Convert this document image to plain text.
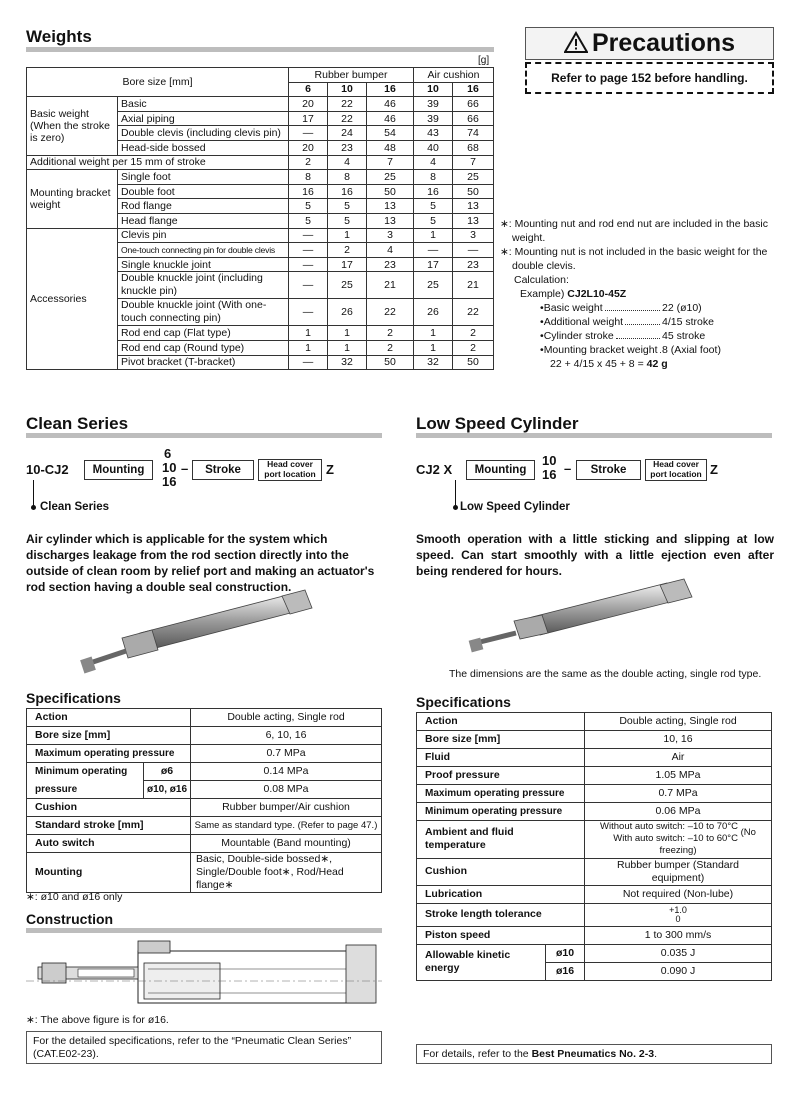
Weights
[g]
Bore size [mm]		Rubber bumper			Air cushion	
		6	10	16	10	16
Basic weight (When the stroke is zero)	Basic	20	22	46	39	66
	Axial piping	17	22	46	39	66
	Double clevis (including clevis pin)	—	24	54	43	74
	Head-side bossed	20	23	48	40	68
Additional weight per 15 mm of stroke		2	4	7	4	7
Mounting bracket weight	Single foot	8	8	25	8	25
	Double foot	16	16	50	16	50
	Rod flange	5	5	13	5	13
	Head flange	5	5	13	5	13
Accessories	Clevis pin	—	1	3	1	3
	One-touch connecting pin for double clevis	—	2	4	—	—
	Single knuckle joint	—	17	23	17	23
	Double knuckle joint (including knuckle pin)	—	25	21	25	21
	Double knuckle joint (With one-touch connecting pin)	—	26	22	26	22
	Rod end cap (Flat type)	1	1	2	1	2
	Rod end cap (Round type)	1	1	2	1	2
	Pivot bracket (T-bracket)	—	32	50	32	50
Precautions
Refer to page 152 before handling.
∗: Mounting nut and rod end nut are included in the basic weight.
∗: Mounting nut is not included in the basic weight for the double clevis.
Calculation:
Example) CJ2L10-45Z
• Basic weight	22 (ø10)
• Additional weight	4/15 stroke
• Cylinder stroke	45 stroke
• Mounting bracket weight 8 (Axial foot)
22 + 4/15 x 45 + 8 = 42 g
Clean Series
10-CJ2	Mounting
6
10
16
–	Stroke	Head cover port location Z
Clean Series
Air cylinder which is applicable for the system which discharges leakage from the rod section directly into the outside of clean room by relief port and making an actuator's rod section having a double seal construction.
Specifications
Action		Double acting, Single rod
Bore size [mm]		6, 10, 16
Maximum operating pressure		0.7 MPa
Minimum operating	ø6	0.14 MPa
pressure	ø10, ø16	0.08 MPa
Cushion		Rubber bumper/Air cushion
Standard stroke [mm]		Same as standard type. (Refer to page 47.)
Auto switch		Mountable (Band mounting)
Mounting		Basic, Double-side bossed∗,
Single/Double foot∗, Rod/Head flange∗
∗: ø10 and ø16 only
Construction
∗: The above figure is for ø16.
For the detailed specifications, refer to the “Pneumatic Clean Series” (CAT.E02-23).
Low Speed Cylinder
CJ2 X	Mounting
10
16 –	Stroke	Head cover port location Z
Low Speed Cylinder
Smooth operation with a little sticking and slipping at low speed. Can start smoothly with a little ejection even after being rendered for hours.
The dimensions are the same as the double acting, single rod type.
Specifications
Action		Double acting, Single rod
Bore size [mm]		10, 16
Fluid		Air
Proof pressure		1.05 MPa
Maximum operating pressure		0.7 MPa
Minimum operating pressure		0.06 MPa
Ambient and fluid temperature		Without auto switch: –10 to 70°C
With auto switch: –10 to 60°C
(No freezing)
Cushion		Rubber bumper (Standard equipment)
Lubrication		Not required (Non-lube)
Stroke length tolerance		+1.0
0

Piston speed		1 to 300 mm/s
Allowable kinetic energy	ø10	0.035 J
	ø16	0.090 J
For details, refer to the Best Pneumatics No. 2-3.
